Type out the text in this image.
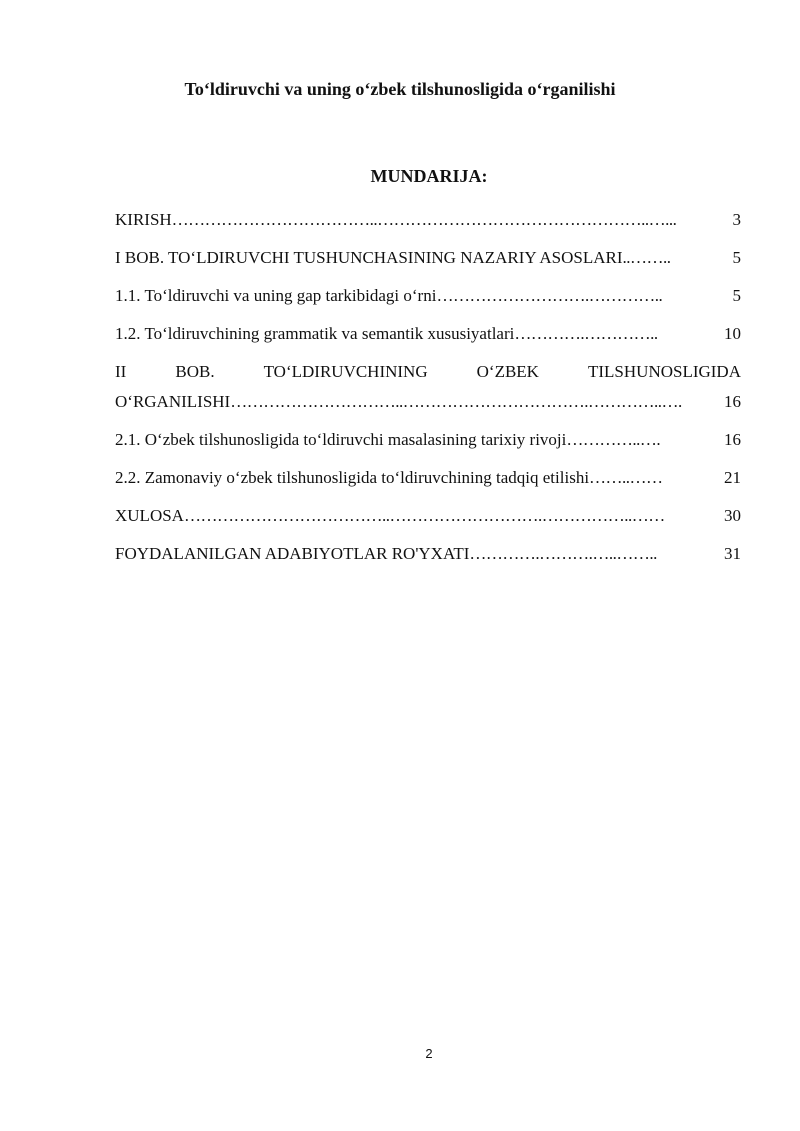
To‘ldiruvchi va uning o‘zbek tilshunosligida o‘rganilishi
MUNDARIJA:
KIRISH ………………………………..…………………………………………..…...	3
I BOB. TO‘LDIRUVCHI TUSHUNCHASINING NAZARIY ASOSLARI ..……..	5
1.1. To‘ldiruvchi va uning gap tarkibidagi o‘rni ……………………….…………..	5
1.2. To‘ldiruvchining grammatik va semantik xususiyatlari ………….…………..	10
II	BOB.	TO‘LDIRUVCHINING	O‘ZBEK	TILSHUNOSLIGIDA
O‘RGANILISHI …………………………..…………………………….…………..….	16
2.1. O‘zbek tilshunosligida to‘ldiruvchi masalasining tarixiy rivoji …………..….	16
2.2. Zamonaviy o‘zbek tilshunosligida to‘ldiruvchining tadqiq etilishi ……..……	21
XULOSA ………………………………..……………………….……………..……	30
FOYDALANILGAN ADABIYOTLAR RO'YXATI ………….……….…..……..	31

2
